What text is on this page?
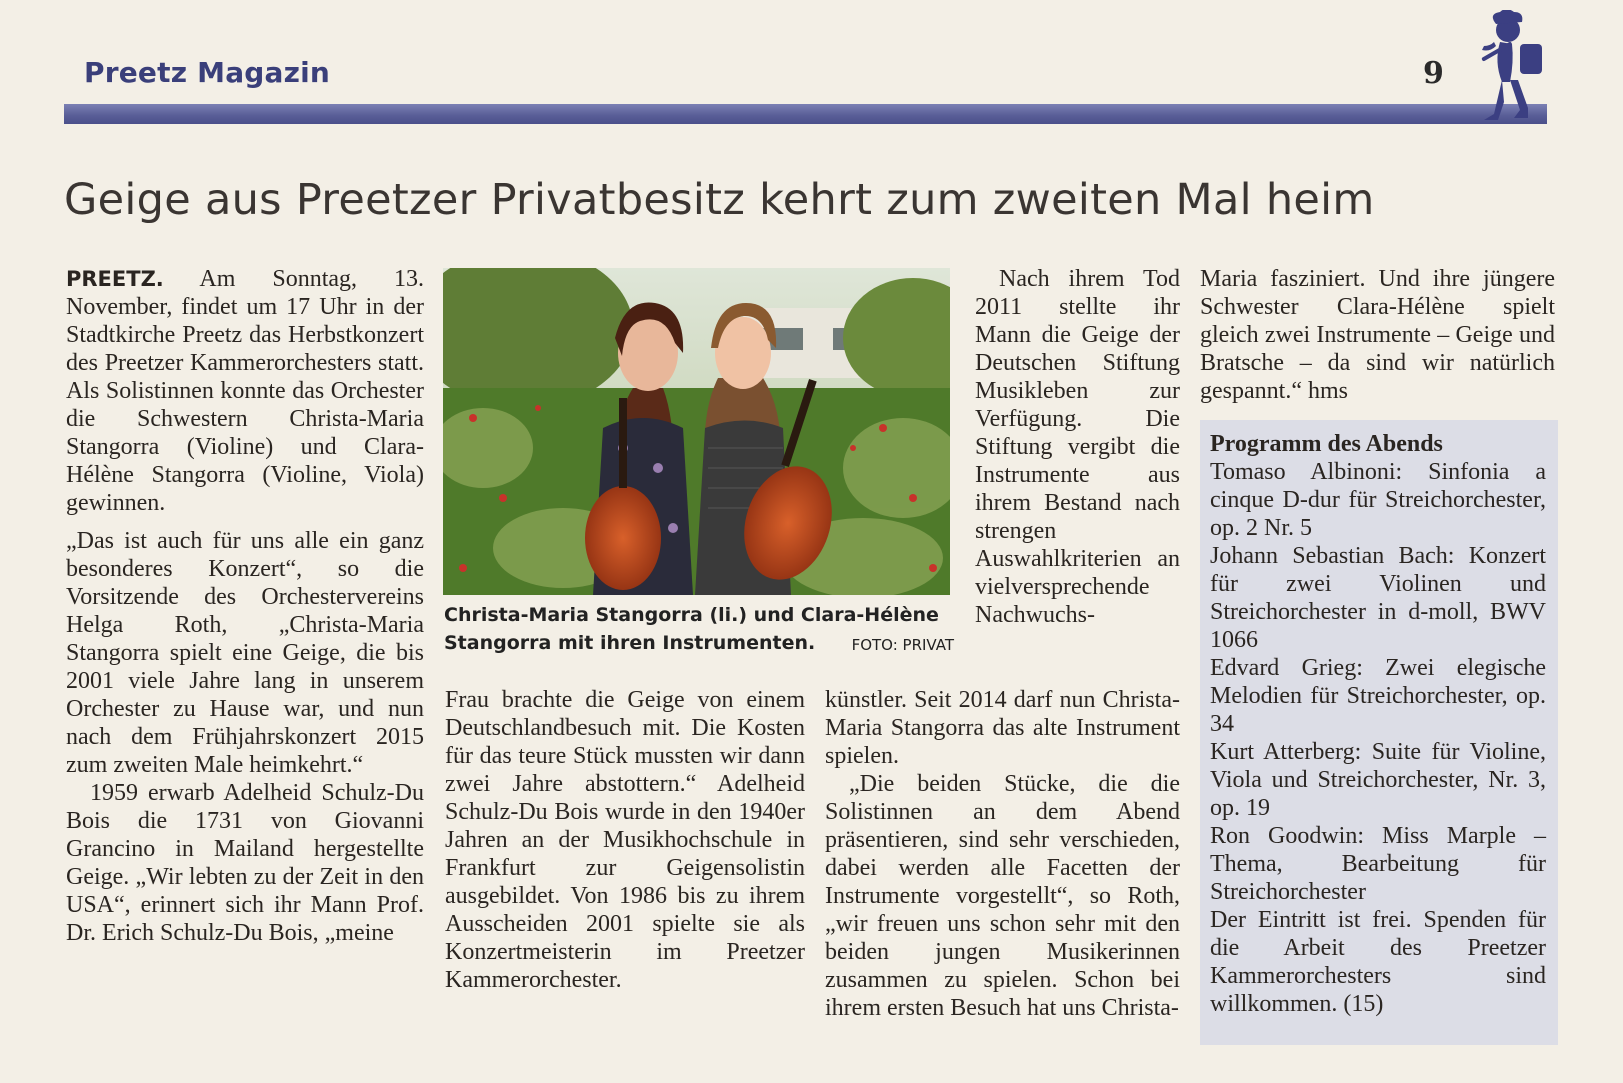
Preetz Magazin	9
Geige aus Preetzer Privatbesitz kehrt zum zweiten Mal heim

PREETZ. Am Sonntag, 13. November, findet um 17 Uhr in der Stadtkirche Preetz das Herbstkonzert des Preetzer Kammerorchesters statt. Als Solistinnen konnte das Orchester die Schwestern Christa-Maria Stangorra (Violine) und Clara-Hélène Stangorra (Violine, Viola) gewinnen.

„Das ist auch für uns alle ein ganz besonderes Konzert“, so die Vorsitzende des Orchestervereins Helga Roth, „Christa-Maria Stangorra spielt eine Geige, die bis 2001 viele Jahre lang in unserem Orchester zu Hause war, und nun nach dem Frühjahrskonzert 2015 zum zweiten Male heimkehrt.“

1959 erwarb Adelheid Schulz-Du Bois die 1731 von Giovanni Grancino in Mailand hergestellte Geige. „Wir lebten zu der Zeit in den USA“, erinnert sich ihr Mann Prof. Dr. Erich Schulz-Du Bois, „meine

Christa-Maria Stangorra (li.) und Clara-Hélène Stangorra mit ihren Instrumenten. FOTO: PRIVAT

Frau brachte die Geige von einem Deutschlandbesuch mit. Die Kosten für das teure Stück mussten wir dann zwei Jahre abstottern.“ Adelheid Schulz-Du Bois wurde in den 1940er Jahren an der Musikhochschule in Frankfurt zur Geigensolistin ausgebildet. Von 1986 bis zu ihrem Ausscheiden 2001 spielte sie als Konzertmeisterin im Preetzer Kammerorchester.

Nach ihrem Tod 2011 stellte ihr Mann die Geige der Deutschen Stiftung Musikleben zur Verfügung. Die Stiftung vergibt die Instrumente aus ihrem Bestand nach strengen Auswahlkriterien an vielversprechende Nachwuchs-

künstler. Seit 2014 darf nun Christa-Maria Stangorra das alte Instrument spielen.

„Die beiden Stücke, die die Solistinnen an dem Abend präsentieren, sind sehr verschieden, dabei werden alle Facetten der Instrumente vorgestellt“, so Roth, „wir freuen uns schon sehr mit den beiden jungen Musikerinnen zusammen zu spielen. Schon bei ihrem ersten Besuch hat uns Christa-

Maria fasziniert. Und ihre jüngere Schwester Clara-Hélène spielt gleich zwei Instrumente – Geige und Bratsche – da sind wir natürlich gespannt.“ hms

Programm des Abends

Tomaso Albinoni: Sinfonia a cinque D-dur für Streichorchester, op. 2 Nr. 5

Johann Sebastian Bach: Konzert für zwei Violinen und Streichorchester in d-moll, BWV 1066

Edvard Grieg: Zwei elegische Melodien für Streichorchester, op. 34

Kurt Atterberg: Suite für Violine, Viola und Streichorchester, Nr. 3, op. 19

Ron Goodwin: Miss Marple – Thema, Bearbeitung für Streichorchester

Der Eintritt ist frei. Spenden für die Arbeit des Preetzer Kammerorchesters sind willkommen. (15)
